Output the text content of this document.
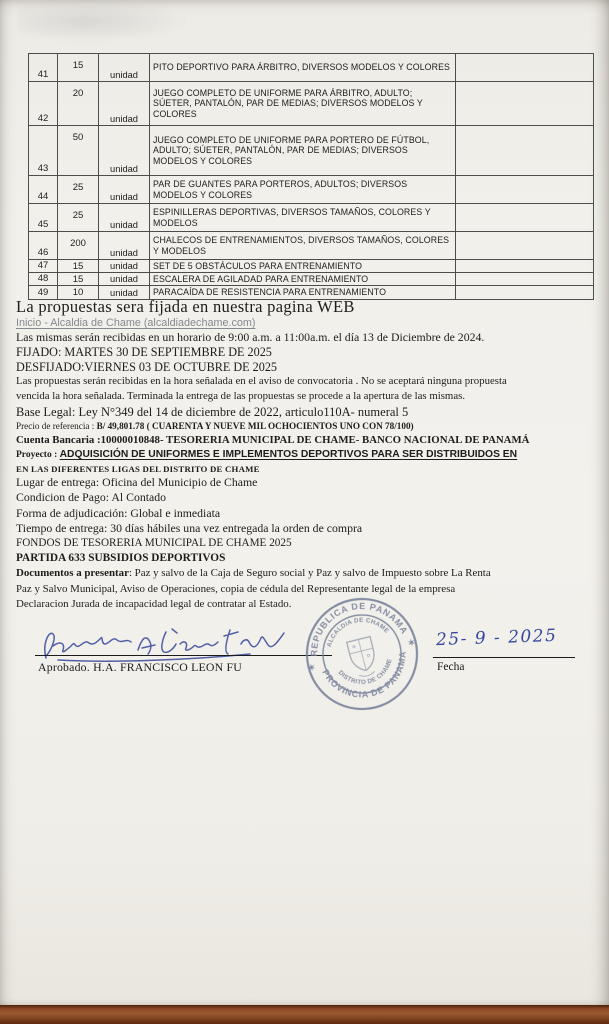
41	15	unidad	PITO DEPORTIVO PARA ÁRBITRO, DIVERSOS MODELOS Y COLORES	
42	20	unidad	JUEGO COMPLETO DE UNIFORME PARA ÁRBITRO, ADULTO; SÚETER, PANTALÓN, PAR DE MEDIAS; DIVERSOS MODELOS Y COLORES	
43	50	unidad	JUEGO COMPLETO DE UNIFORME PARA PORTERO DE FÚTBOL, ADULTO; SÚETER, PANTALÓN, PAR DE MEDIAS; DIVERSOS MODELOS Y COLORES	
44	25	unidad	PAR DE GUANTES PARA PORTEROS, ADULTOS; DIVERSOS MODELOS Y COLORES	
45	25	unidad	ESPINILLERAS DEPORTIVAS, DIVERSOS TAMAÑOS, COLORES Y MODELOS	
46	200	unidad	CHALECOS DE ENTRENAMIENTOS, DIVERSOS TAMAÑOS, COLORES Y MODELOS	
47	15	unidad	SET DE 5 OBSTÁCULOS PARA ENTRENAMIENTO	
48	15	unidad	ESCALERA DE AGILADAD PARA ENTRENAMIENTO	
49	10	unidad	PARACAÍDA DE RESISTENCIA PARA ENTRENAMIENTO	
La propuestas sera fijada en nuestra pagina WEB
Inicio - Alcaldia de Chame (alcaldiadechame.com)
Las mismas serán recibidas en un horario de 9:00 a.m. a 11:00a.m. el día 13 de Diciembre de 2024.
FIJADO: MARTES 30 DE SEPTIEMBRE DE 2025
DESFIJADO:VIERNES 03 DE OCTUBRE DE 2025
Las propuestas serán recibidas en la hora señalada en el aviso de convocatoria . No se aceptará ninguna propuesta
vencida la hora señalada. Terminada la entrega de las propuestas se procede a la apertura de las mismas.
Base Legal: Ley N°349 del 14 de diciembre de 2022, articulo110A- numeral 5
Precio de referencia : B/ 49,801.78 ( CUARENTA Y NUEVE MIL OCHOCIENTOS UNO CON 78/100)
Cuenta Bancaria :10000010848- TESORERIA MUNICIPAL DE CHAME- BANCO NACIONAL DE PANAMÁ
Proyecto : ADQUISICIÓN DE UNIFORMES E IMPLEMENTOS DEPORTIVOS PARA SER DISTRIBUIDOS EN
EN LAS DIFERENTES LIGAS DEL DISTRITO DE CHAME
Lugar de entrega: Oficina del Municipio de Chame
Condicion de Pago: Al Contado
Forma de adjudicación: Global e inmediata
Tiempo de entrega: 30 días hábiles una vez entregada la orden de compra
FONDOS DE TESORERIA MUNICIPAL DE CHAME 2025
PARTIDA 633 SUBSIDIOS DEPORTIVOS
Documentos a presentar: Paz y salvo de la Caja de Seguro social y Paz y salvo de Impuesto sobre La Renta
Paz y Salvo Municipal, Aviso de Operaciones, copia de cédula del Representante legal de la empresa
Declaracion Jurada de incapacidad legal de contratar al Estado.
Aprobado. H.A. FRANCISCO LEON FU
REPUBLICA DE PANAMA
PROVINCIA DE PANAMA
ALCALDIA DE CHAME
DISTRITO DE CHAME
✶
✶ 25- 9 - 2025
Fecha
